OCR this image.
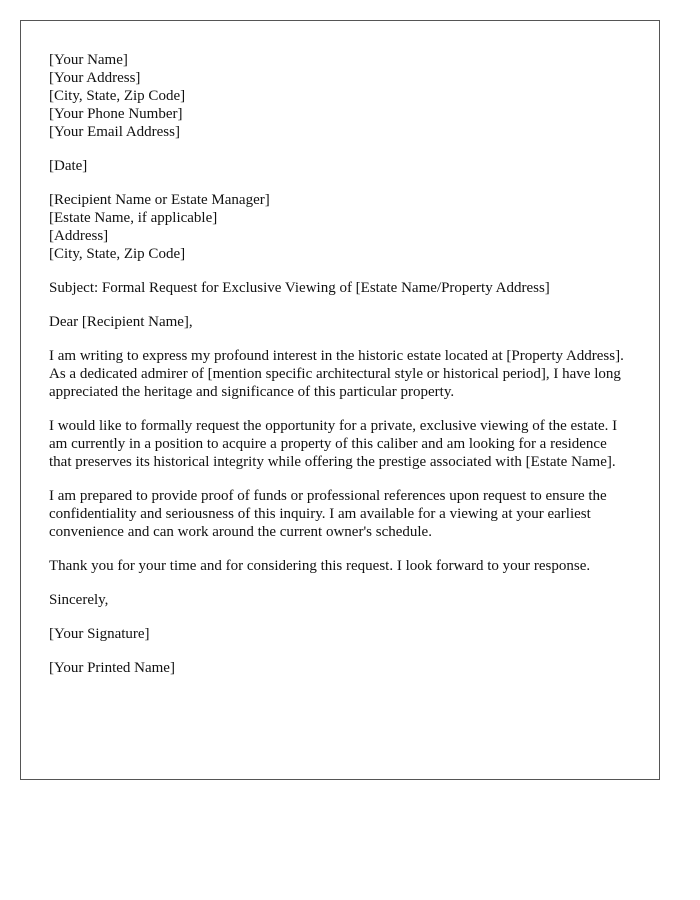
[Your Name]
[Your Address]
[City, State, Zip Code]
[Your Phone Number]
[Your Email Address]
[Date]
[Recipient Name or Estate Manager]
[Estate Name, if applicable]
[Address]
[City, State, Zip Code]
Subject: Formal Request for Exclusive Viewing of [Estate Name/Property Address]
Dear [Recipient Name],

I am writing to express my profound interest in the historic estate located at [Property Address]. As a dedicated admirer of [mention specific architectural style or historical period], I have long appreciated the heritage and significance of this particular property.

I would like to formally request the opportunity for a private, exclusive viewing of the estate. I am currently in a position to acquire a property of this caliber and am looking for a residence that preserves its historical integrity while offering the prestige associated with [Estate Name].

I am prepared to provide proof of funds or professional references upon request to ensure the confidentiality and seriousness of this inquiry. I am available for a viewing at your earliest convenience and can work around the current owner's schedule.

Thank you for your time and for considering this request. I look forward to your response.

Sincerely,
[Your Signature]
[Your Printed Name]
